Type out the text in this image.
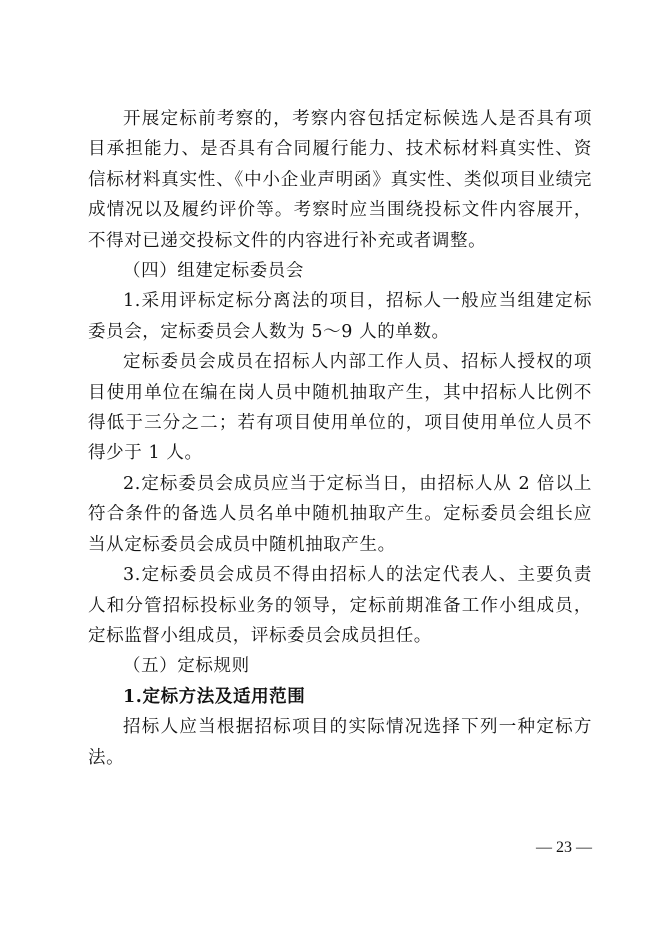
开展定标前考察的，考察内容包括定标候选人是否具有项目承担能力、是否具有合同履行能力、技术标材料真实性、资信标材料真实性、《中小企业声明函》真实性、类似项目业绩完成情况以及履约评价等。考察时应当围绕投标文件内容展开，不得对已递交投标文件的内容进行补充或者调整。

（四）组建定标委员会

1.采用评标定标分离法的项目，招标人一般应当组建定标委员会，定标委员会人数为 5～9 人的单数。

定标委员会成员在招标人内部工作人员、招标人授权的项目使用单位在编在岗人员中随机抽取产生，其中招标人比例不得低于三分之二；若有项目使用单位的，项目使用单位人员不得少于 1 人。

2.定标委员会成员应当于定标当日，由招标人从 2 倍以上符合条件的备选人员名单中随机抽取产生。定标委员会组长应当从定标委员会成员中随机抽取产生。

3.定标委员会成员不得由招标人的法定代表人、主要负责人和分管招标投标业务的领导，定标前期准备工作小组成员，定标监督小组成员，评标委员会成员担任。

（五）定标规则

1.定标方法及适用范围

招标人应当根据招标项目的实际情况选择下列一种定标方法。

— 23 —
